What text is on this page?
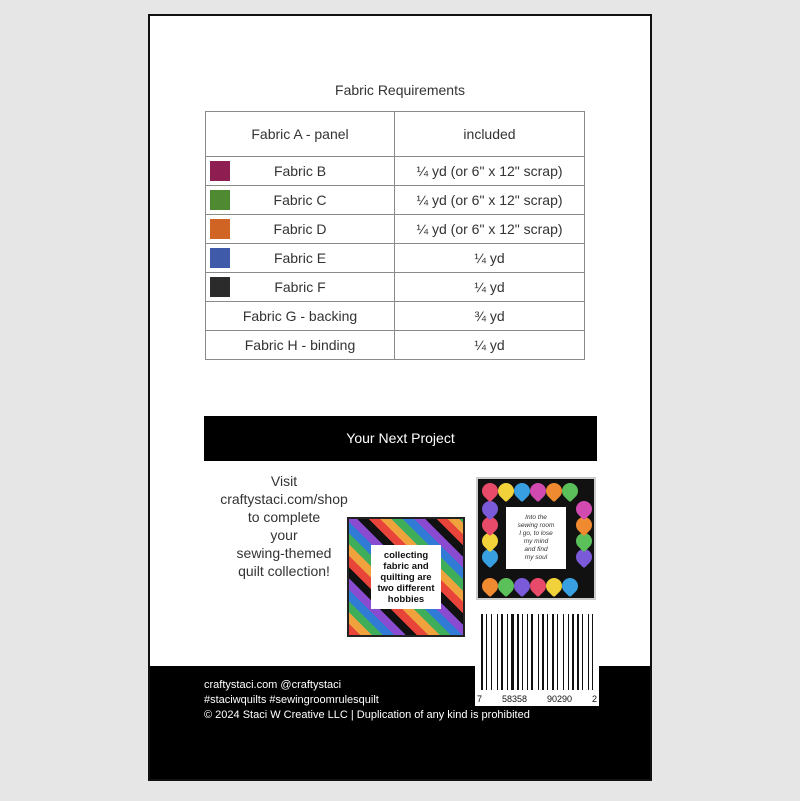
Fabric Requirements
Fabric A - panel	included

Fabric B	¼ yd (or 6" x 12" scrap)

Fabric C	¼ yd (or 6" x 12" scrap)

Fabric D	¼ yd (or 6" x 12" scrap)

Fabric E	¼ yd

Fabric F	¼ yd
Fabric G - backing	¾ yd
Fabric H - binding	¼ yd
Your Next Project
Visit
craftystaci.com/shop
to complete
your
sewing-themed
quilt collection!
collecting
fabric and
quilting are
two different
hobbies
Into the
sewing room
I go, to lose
my mind
and find
my soul
craftystaci.com @craftystaci
#staciwquilts #sewingroomrulesquilt
© 2024 Staci W Creative LLC | Duplication of any kind is prohibited
7 58358 90290 2
